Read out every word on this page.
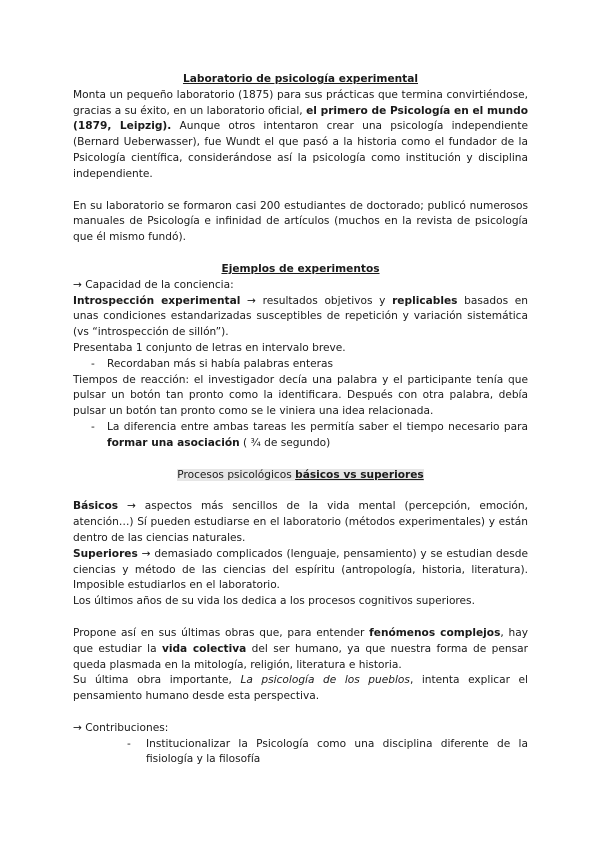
Laboratorio de psicología experimental

Monta un pequeño laboratorio (1875) para sus prácticas que termina convirtiéndose, gracias a su éxito, en un laboratorio oficial, el primero de Psicología en el mundo (1879, Leipzig). Aunque otros intentaron crear una psicología independiente (Bernard Ueberwasser), fue Wundt el que pasó a la historia como el fundador de la Psicología científica, considerándose así la psicología como institución y disciplina independiente.

En su laboratorio se formaron casi 200 estudiantes de doctorado; publicó numerosos manuales de Psicología e infinidad de artículos (muchos en la revista de psicología que él mismo fundó).

Ejemplos de experimentos

→ Capacidad de la conciencia:

Introspección experimental → resultados objetivos y replicables basados en unas condiciones estandarizadas susceptibles de repetición y variación sistemática (vs “introspección de sillón”).

Presentaba 1 conjunto de letras en intervalo breve.

- Recordaban más si había palabras enteras

Tiempos de reacción: el investigador decía una palabra y el participante tenía que pulsar un botón tan pronto como la identificara. Después con otra palabra, debía pulsar un botón tan pronto como se le viniera una idea relacionada.

- La diferencia entre ambas tareas les permitía saber el tiempo necesario para formar una asociación ( ¾ de segundo)

Procesos psicológicos básicos vs superiores

Básicos → aspectos más sencillos de la vida mental (percepción, emoción, atención…) Sí pueden estudiarse en el laboratorio (métodos experimentales) y están dentro de las ciencias naturales.

Superiores → demasiado complicados (lenguaje, pensamiento) y se estudian desde ciencias y método de las ciencias del espíritu (antropología, historia, literatura). Imposible estudiarlos en el laboratorio.

Los últimos años de su vida los dedica a los procesos cognitivos superiores.

Propone así en sus últimas obras que, para entender fenómenos complejos, hay que estudiar la vida colectiva del ser humano, ya que nuestra forma de pensar queda plasmada en la mitología, religión, literatura e historia.

Su última obra importante, La psicología de los pueblos, intenta explicar el pensamiento humano desde esta perspectiva.

→ Contribuciones:

- Institucionalizar la Psicología como una disciplina diferente de la fisiología y la filosofía
